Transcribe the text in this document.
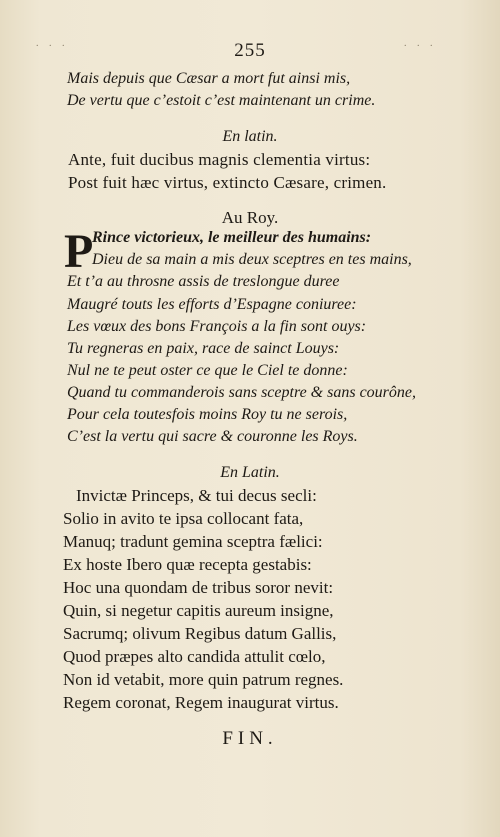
. . .	. . .
255
Mais depuis que Cæsar a mort fut ainsi mis,
De vertu que c’estoit c’est maintenant un crime.
En latin.
Ante, fuit ducibus magnis clementia virtus:
Post fuit hæc virtus, extincto Cæsare, crimen.
Au Roy.
P
Rince victorieux, le meilleur des humains:
Dieu de sa main a mis deux sceptres en tes mains,
Et t’a au throsne assis de treslongue duree
Maugré touts les efforts d’Espagne coniuree:
Les vœux des bons François a la fin sont ouys:
Tu regneras en paix, race de sainct Louys:
Nul ne te peut oster ce que le Ciel te donne:
Quand tu commanderois sans sceptre & sans courône,
Pour cela toutesfois moins Roy tu ne serois,
C’est la vertu qui sacre & couronne les Roys.
En Latin.
Invictæ Princeps, & tui decus secli:
Solio in avito te ipsa collocant fata,
Manuq; tradunt gemina sceptra fælici:
Ex hoste Ibero quæ recepta gestabis:
Hoc una quondam de tribus soror nevit:
Quin, si negetur capitis aureum insigne,
Sacrumq; olivum Regibus datum Gallis,
Quod præpes alto candida attulit cœlo,
Non id vetabit, more quin patrum regnes.
Regem coronat, Regem inaugurat virtus.
FIN.
